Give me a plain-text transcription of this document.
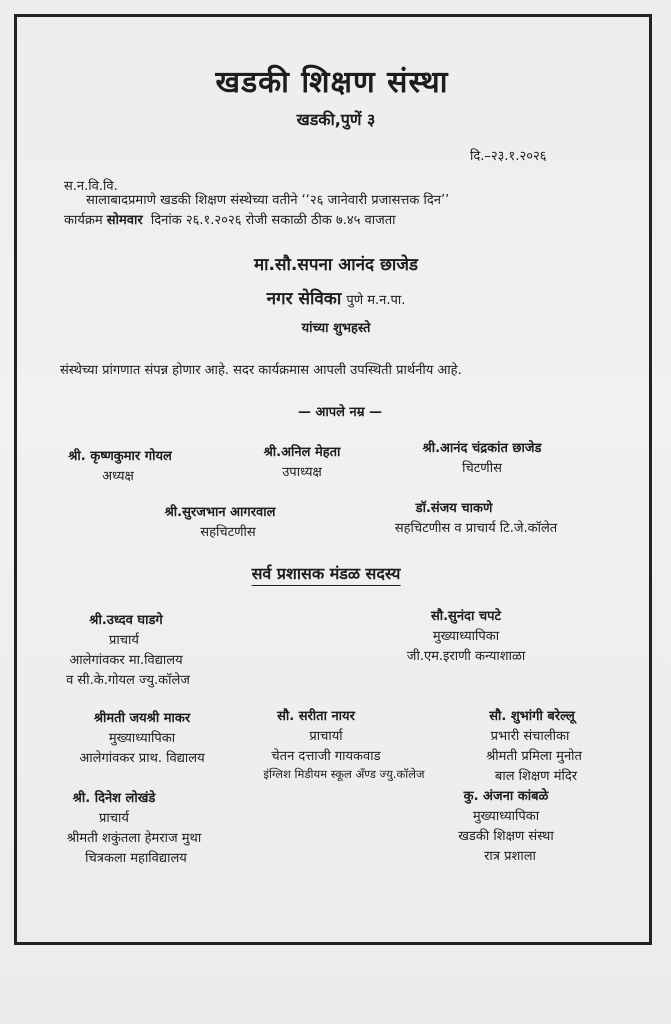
खडकी शिक्षण संस्था
खडकी,पुणें ३
दि.–२३.१.२०२६
स.न.वि.वि.
सालाबादप्रमाणे खडकी शिक्षण संस्थेच्या वतीने ‘‘२६ जानेवारी प्रजासत्तक दिन’’
कार्यक्रम सोमवार दिनांक २६.१.२०२६ रोजी सकाळी ठीक ७.४५ वाजता
मा.सौ.सपना आनंद छाजेड
नगर सेविका पुणे म.न.पा.
यांच्या शुभहस्ते
संस्थेच्या प्रांगणात संपन्न होणार आहे. सदर कार्यक्रमास आपली उपस्थिती प्रार्थनीय आहे.
— आपले नम्र —
श्री. कृष्णकुमार गोयल
अध्यक्ष
श्री.अनिल मेहता
उपाध्यक्ष
श्री.आनंद चंद्रकांत छाजेड
चिटणीस
श्री.सुरजभान आगरवाल
सहचिटणीस
डॉ.संजय चाकणे
सहचिटणीस व प्राचार्य टि.जे.कॉलेत
सर्व प्रशासक मंडळ सदस्य
श्री.उध्दव घाडगे
प्राचार्य
आलेगांवकर मा.विद्यालय
व सी.के.गोयल ज्यु.कॉलेज
सौ.सुनंदा चपटे
मुख्याध्यापिका
जी.एम.इराणी कन्याशाळा
श्रीमती जयश्री माकर
मुख्याध्यापिका
आलेगांवकर प्राथ. विद्यालय
सौ. सरीता नायर
प्राचार्या
चेतन दत्ताजी गायकवाड
इंग्लिश मिडीयम स्कूल अँण्ड ज्यु.कॉलेज
सौ. शुभांगी बरेल्लू
प्रभारी संचालीका
श्रीमती प्रमिला मुनोत
बाल शिक्षण मंदिर
श्री. दिनेश लोखंडे
प्राचार्य
श्रीमती शकुंतला हेमराज मुथा
चित्रकला महाविद्यालय
कु. अंजना कांबळे
मुख्याध्यापिका
खडकी शिक्षण संस्था
रात्र प्रशाला
